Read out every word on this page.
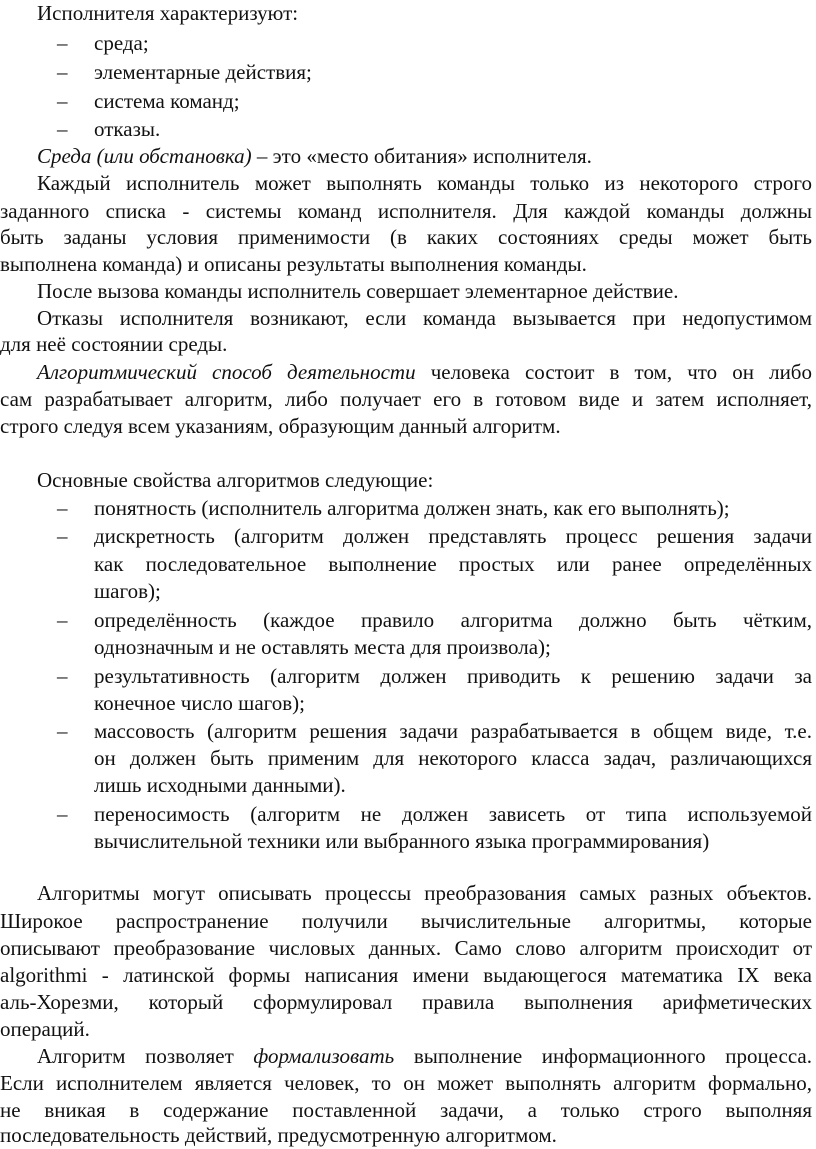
Исполнителя характеризуют:
– среда;
– элементарные действия;
– система команд;
– отказы.
Среда (или обстановка) – это «место обитания» исполнителя.
Каждый исполнитель может выполнять команды только из некоторого строго
заданного списка - системы команд исполнителя. Для каждой команды должны
быть заданы условия применимости (в каких состояниях среды может быть
выполнена команда) и описаны результаты выполнения команды.
После вызова команды исполнитель совершает элементарное действие.
Отказы исполнителя возникают, если команда вызывается при недопустимом
для неё состоянии среды.
Алгоритмический способ деятельности человека состоит в том, что он либо
сам разрабатывает алгоритм, либо получает его в готовом виде и затем исполняет,
строго следуя всем указаниям, образующим данный алгоритм.
Основные свойства алгоритмов следующие:
– понятность (исполнитель алгоритма должен знать, как его выполнять);
– дискретность (алгоритм должен представлять процесс решения задачи
как последовательное выполнение простых или ранее определённых
шагов);
– определённость (каждое правило алгоритма должно быть чётким,
однозначным и не оставлять места для произвола);
– результативность (алгоритм должен приводить к решению задачи за
конечное число шагов);
– массовость (алгоритм решения задачи разрабатывается в общем виде, т.е.
он должен быть применим для некоторого класса задач, различающихся
лишь исходными данными).
– переносимость (алгоритм не должен зависеть от типа используемой
вычислительной техники или выбранного языка программирования)
Алгоритмы могут описывать процессы преобразования самых разных объектов.
Широкое распространение получили вычислительные алгоритмы, которые
описывают преобразование числовых данных. Само слово алгоритм происходит от
algorithmi - латинской формы написания имени выдающегося математика IX века
аль-Хорезми, который сформулировал правила выполнения арифметических
операций.
Алгоритм позволяет формализовать выполнение информационного процесса.
Если исполнителем является человек, то он может выполнять алгоритм формально,
не вникая в содержание поставленной задачи, а только строго выполняя
последовательность действий, предусмотренную алгоритмом.
